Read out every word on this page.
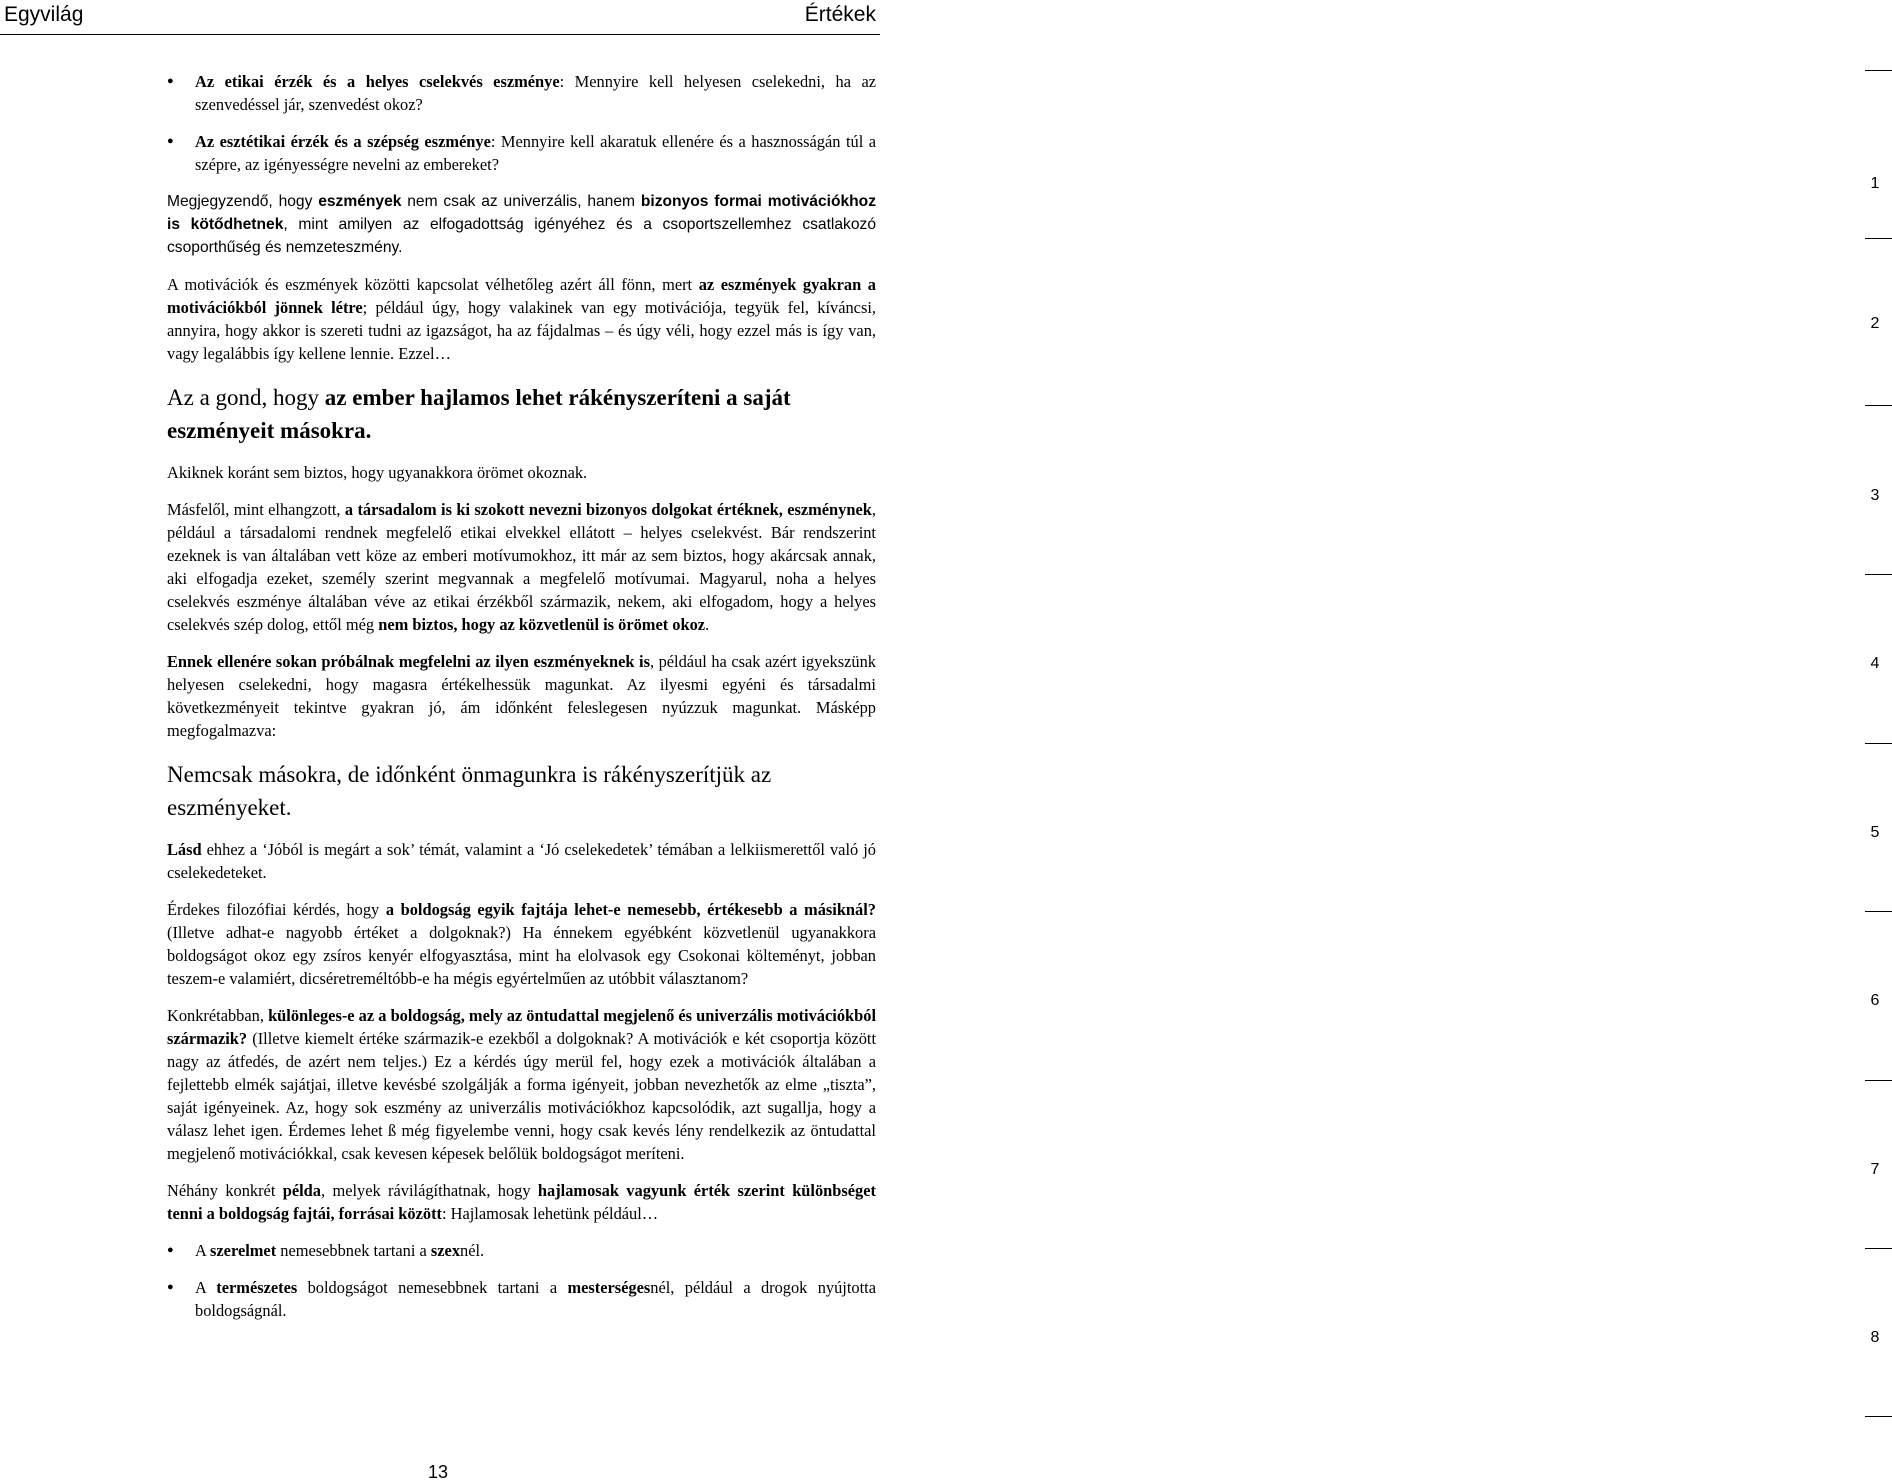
Egyvilág	Értékek
● Az etikai érzék és a helyes cselekvés eszménye: Mennyire kell helyesen cselekedni, ha az szenvedéssel jár, szenvedést okoz?
● Az esztétikai érzék és a szépség eszménye: Mennyire kell akaratuk ellenére és a hasznosságán túl a szépre, az igényességre nevelni az embereket?

Megjegyzendő, hogy eszmények nem csak az univerzális, hanem bizonyos formai motivációkhoz is kötődhetnek, mint amilyen az elfogadottság igényéhez és a csoportszellemhez csatlakozó csoporthűség és nemzeteszmény.

A motivációk és eszmények közötti kapcsolat vélhetőleg azért áll fönn, mert az eszmények gyakran a motivációkból jönnek létre; például úgy, hogy valakinek van egy motivációja, tegyük fel, kíváncsi, annyira, hogy akkor is szereti tudni az igazságot, ha az fájdalmas – és úgy véli, hogy ezzel más is így van, vagy legalábbis így kellene lennie. Ezzel…

Az a gond, hogy az ember hajlamos lehet rákényszeríteni a saját eszményeit másokra.

Akiknek koránt sem biztos, hogy ugyanakkora örömet okoznak.

Másfelől, mint elhangzott, a társadalom is ki szokott nevezni bizonyos dolgokat értéknek, eszménynek, például a társadalomi rendnek megfelelő etikai elvekkel ellátott – helyes cselekvést. Bár rendszerint ezeknek is van általában vett köze az emberi motívumokhoz, itt már az sem biztos, hogy akárcsak annak, aki elfogadja ezeket, személy szerint megvannak a megfelelő motívumai. Magyarul, noha a helyes cselekvés eszménye általában véve az etikai érzékből származik, nekem, aki elfogadom, hogy a helyes cselekvés szép dolog, ettől még nem biztos, hogy az közvetlenül is örömet okoz.

Ennek ellenére sokan próbálnak megfelelni az ilyen eszményeknek is, például ha csak azért igyekszünk helyesen cselekedni, hogy magasra értékelhessük magunkat. Az ilyesmi egyéni és társadalmi következményeit tekintve gyakran jó, ám időnként feleslegesen nyúzzuk magunkat. Másképp megfogalmazva:

Nemcsak másokra, de időnként önmagunkra is rákényszerítjük az eszményeket.

Lásd ehhez a ‘Jóból is megárt a sok’ témát, valamint a ‘Jó cselekedetek’ témában a lelkiismerettől való jó cselekedeteket.

Érdekes filozófiai kérdés, hogy a boldogság egyik fajtája lehet-e nemesebb, értékesebb a másiknál? (Illetve adhat-e nagyobb értéket a dolgoknak?) Ha énnekem egyébként közvetlenül ugyanakkora boldogságot okoz egy zsíros kenyér elfogyasztása, mint ha elolvasok egy Csokonai költeményt, jobban teszem-e valamiért, dicséretreméltóbb-e ha mégis egyértelműen az utóbbit választanom?

Konkrétabban, különleges-e az a boldogság, mely az öntudattal megjelenő és univerzális motivációkból származik? (Illetve kiemelt értéke származik-e ezekből a dolgoknak? A motivációk e két csoportja között nagy az átfedés, de azért nem teljes.) Ez a kérdés úgy merül fel, hogy ezek a motivációk általában a fejlettebb elmék sajátjai, illetve kevésbé szolgálják a forma igényeit, jobban nevezhetők az elme „tiszta”, saját igényeinek. Az, hogy sok eszmény az univerzális motivációkhoz kapcsolódik, azt sugallja, hogy a válasz lehet igen. Érdemes lehet ß még figyelembe venni, hogy csak kevés lény rendelkezik az öntudattal megjelenő motivációkkal, csak kevesen képesek belőlük boldogságot meríteni.

Néhány konkrét példa, melyek rávilágíthatnak, hogy hajlamosak vagyunk érték szerint különbséget tenni a boldogság fajtái, forrásai között: Hajlamosak lehetünk például…

● A szerelmet nemesebbnek tartani a szexnél.
● A természetes boldogságot nemesebbnek tartani a mesterségesnél, például a drogok nyújtotta boldogságnál.
1
2
3
4
5
6
7
8
13
